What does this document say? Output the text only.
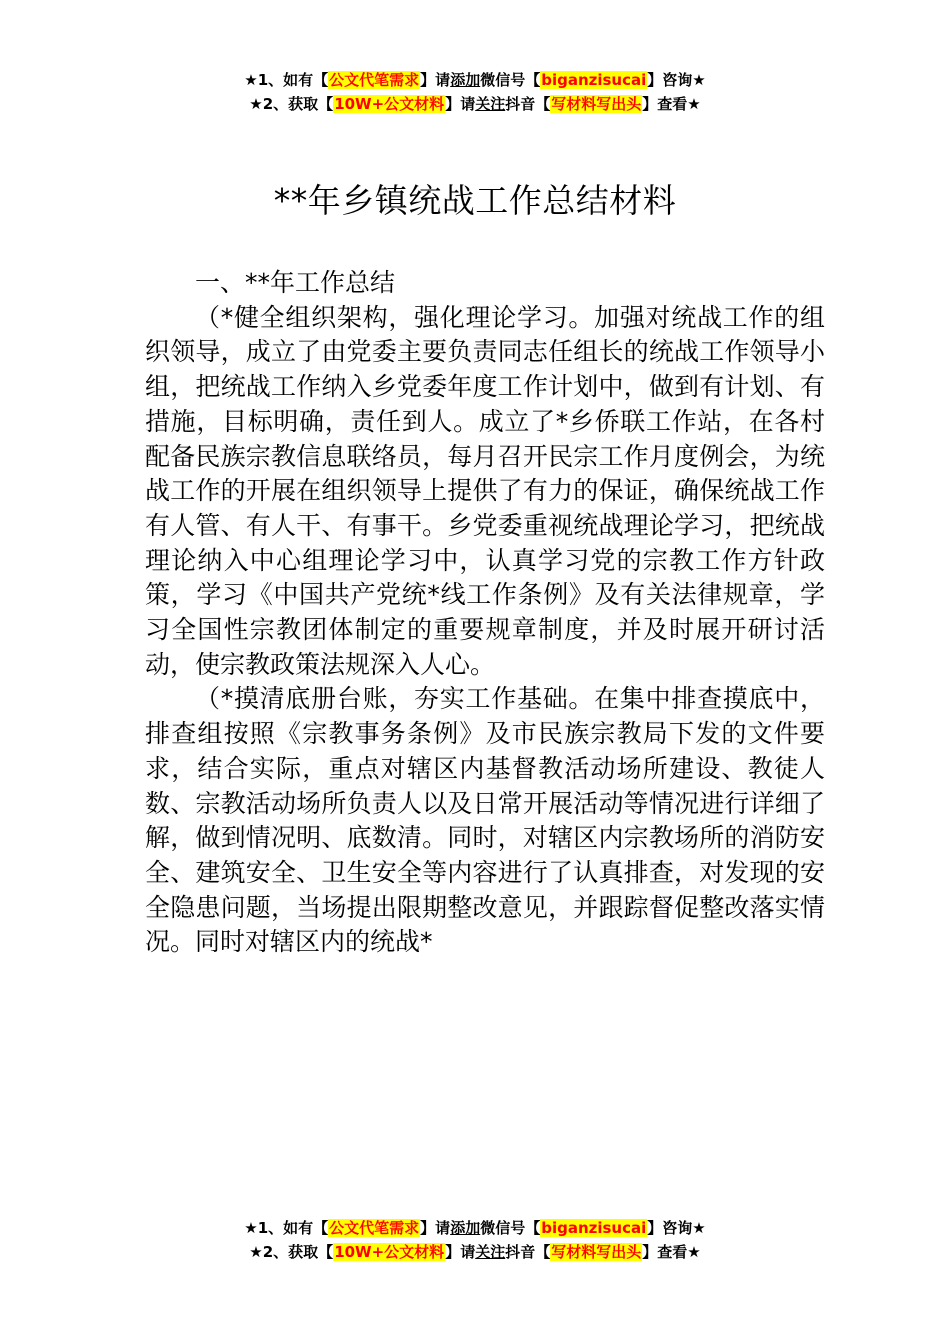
★1、如有【公文代笔需求】请添加微信号【biganzisucai】咨询★
★2、获取【10W+公文材料】请关注抖音【写材料写出头】查看★
**年乡镇统战工作总结材料

一、**年工作总结

（*健全组织架构，强化理论学习。加强对统战工作的组织领导，成立了由党委主要负责同志任组长的统战工作领导小组，把统战工作纳入乡党委年度工作计划中，做到有计划、有措施，目标明确，责任到人。成立了*乡侨联工作站，在各村配备民族宗教信息联络员，每月召开民宗工作月度例会，为统战工作的开展在组织领导上提供了有力的保证，确保统战工作有人管、有人干、有事干。乡党委重视统战理论学习，把统战理论纳入中心组理论学习中，认真学习党的宗教工作方针政策，学习《中国共产党统*线工作条例》及有关法律规章，学习全国性宗教团体制定的重要规章制度，并及时展开研讨活动，使宗教政策法规深入人心。

（*摸清底册台账，夯实工作基础。在集中排查摸底中，排查组按照《宗教事务条例》及市民族宗教局下发的文件要求，结合实际，重点对辖区内基督教活动场所建设、教徒人数、宗教活动场所负责人以及日常开展活动等情况进行详细了解，做到情况明、底数清。同时，对辖区内宗教场所的消防安全、建筑安全、卫生安全等内容进行了认真排查，对发现的安全隐患问题，当场提出限期整改意见，并跟踪督促整改落实情况。同时对辖区内的统战*

★1、如有【公文代笔需求】请添加微信号【biganzisucai】咨询★
★2、获取【10W+公文材料】请关注抖音【写材料写出头】查看★
